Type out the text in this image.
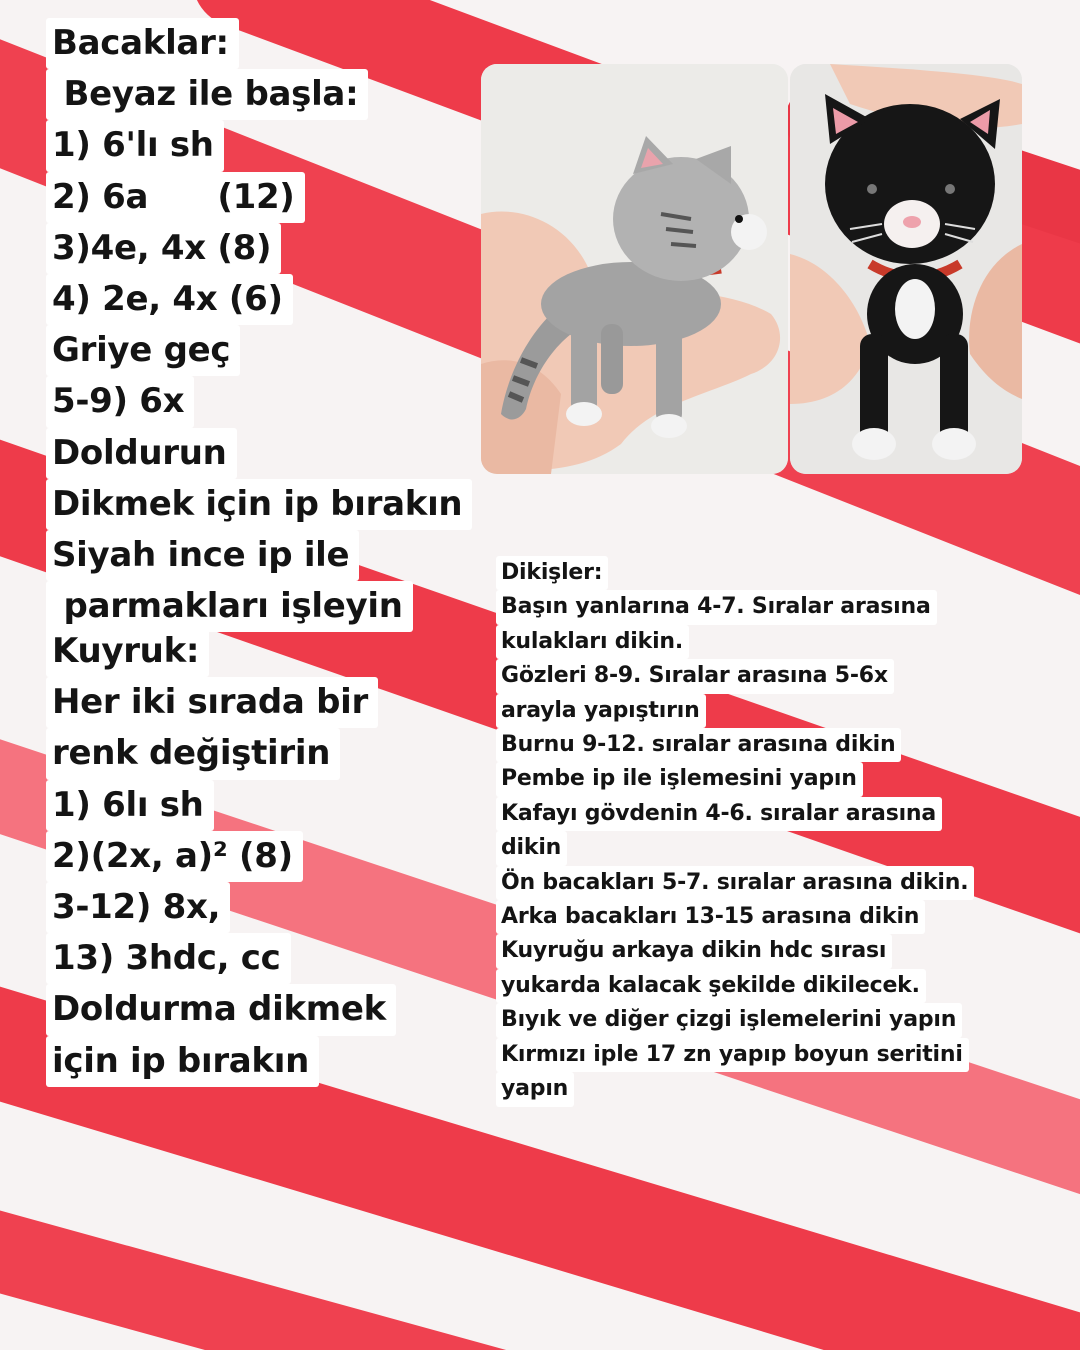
Bacaklar:
Beyaz ile başla:
1) 6'lı sh
2) 6a      (12)
3)4e, 4x (8)
4) 2e, 4x (6)
Griye geç
5-9) 6x
Doldurun
Dikmek için ip bırakın
Siyah ince ip ile
parmakları işleyin
Kuyruk:
Her iki sırada bir
renk değiştirin
1) 6lı sh
2)(2x, a)² (8)
3-12) 8x,
13) 3hdc, cc
Doldurma dikmek
için ip bırakın
Dikişler:
Başın yanlarına 4-7. Sıralar arasına
kulakları dikin.
Gözleri 8-9. Sıralar arasına 5-6x
arayla yapıştırın
Burnu 9-12. sıralar arasına dikin
Pembe ip ile işlemesini yapın
Kafayı gövdenin 4-6. sıralar arasına
dikin
Ön bacakları 5-7. sıralar arasına dikin.
Arka bacakları 13-15 arasına dikin
Kuyruğu arkaya dikin hdc sırası
yukarda kalacak şekilde dikilecek.
Bıyık ve diğer çizgi işlemelerini yapın
Kırmızı iple 17 zn yapıp boyun seritini
yapın
